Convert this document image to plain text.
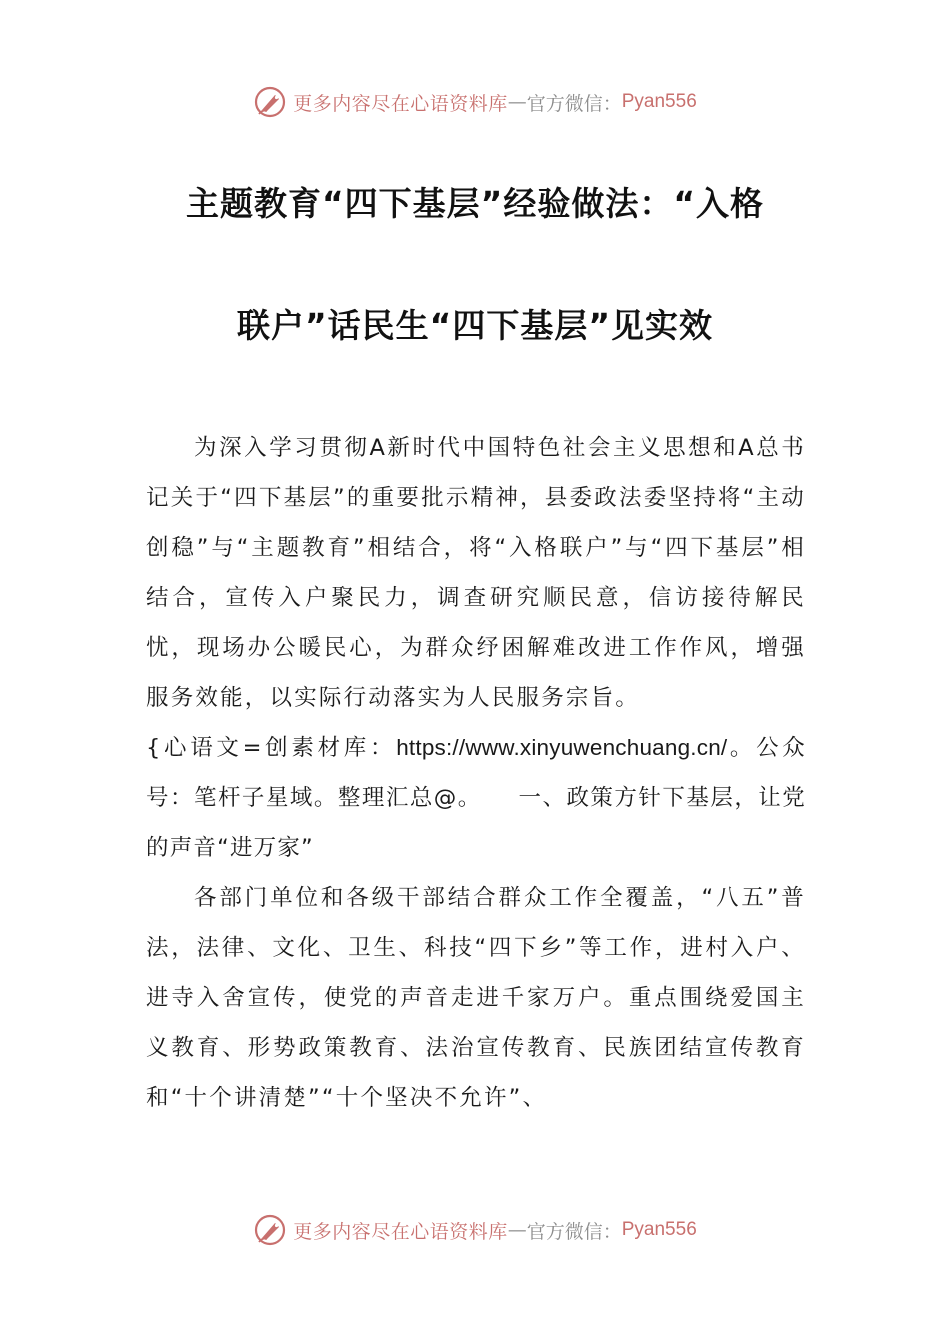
更多内容尽在心语资料库 — 官方微信： Pyan556
主题教育“四下基层”经验做法：“入格
联户”话民生“四下基层”见实效

为深入学习贯彻A新时代中国特色社会主义思想和A总书记关于“四下基层”的重要批示精神，县委政法委坚持将“主动创稳”与“主题教育”相结合，将“入格联户”与“四下基层”相结合，宣传入户聚民力，调查研究顺民意，信访接待解民忧，现场办公暖民心，为群众纾困解难改进工作作风，增强服务效能，以实际行动落实为人民服务宗旨。

{心语文=创素材库：https://www.xinyuwenchuang.cn/。公众号：笔杆子星域。整理汇总@。　　一、政策方针下基层，让党的声音“进万家”

各部门单位和各级干部结合群众工作全覆盖，“八五”普法，法律、文化、卫生、科技“四下乡”等工作，进村入户、进寺入舍宣传，使党的声音走进千家万户。重点围绕爱国主义教育、形势政策教育、法治宣传教育、民族团结宣传教育和“十个讲清楚”“十个坚决不允许”、

更多内容尽在心语资料库 — 官方微信： Pyan556
